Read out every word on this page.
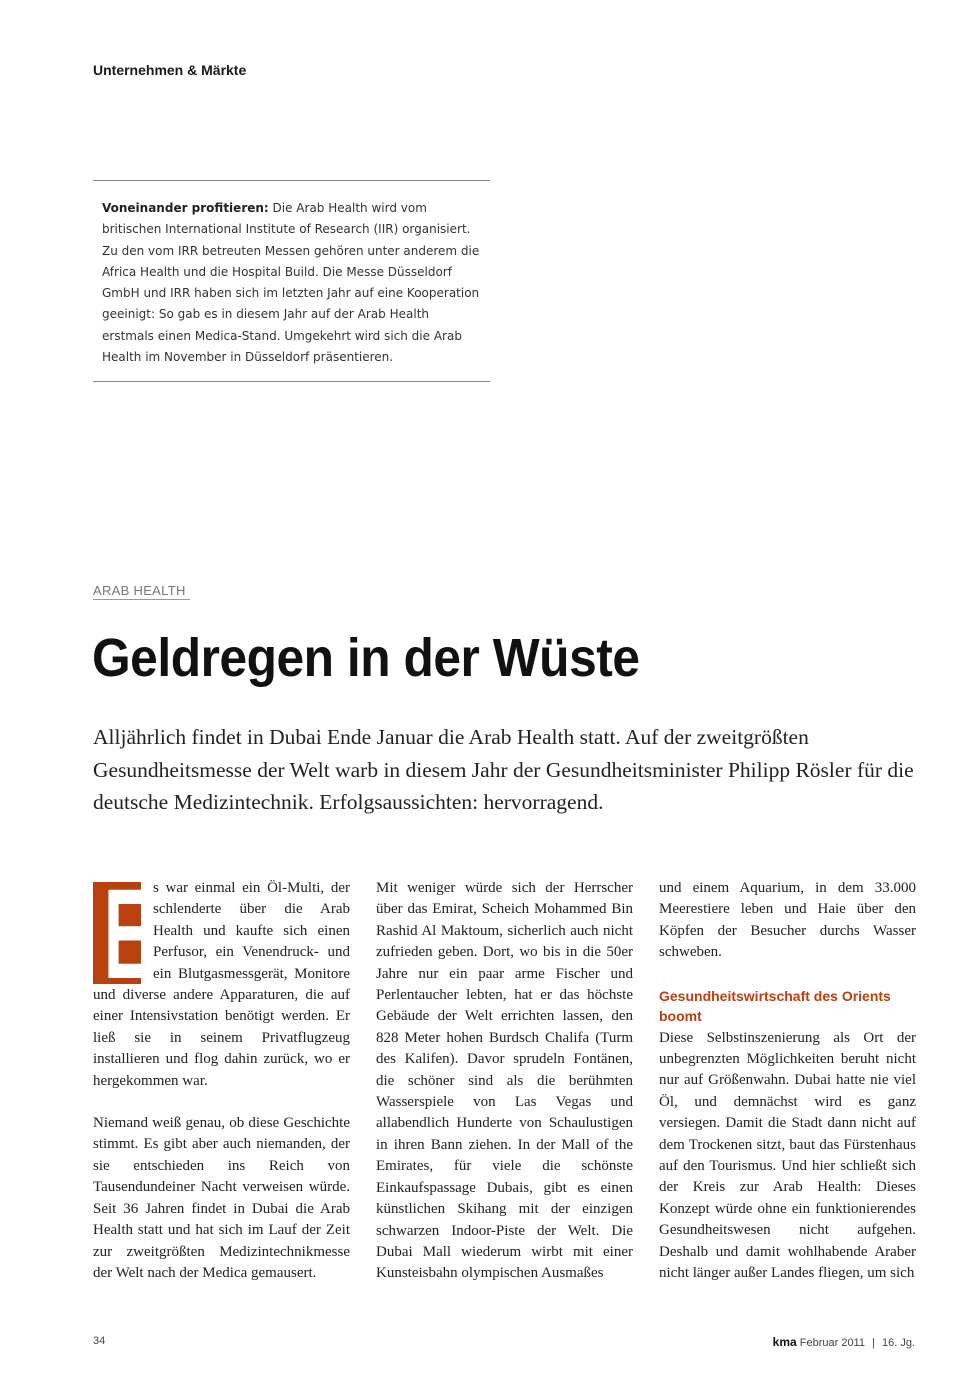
Unternehmen & Märkte
Voneinander profitieren: Die Arab Health wird vom britischen International Institute of Research (IIR) organisiert. Zu den vom IRR betreuten Messen gehören unter anderem die Africa Health und die Hospital Build. Die Messe Düsseldorf GmbH und IRR haben sich im letzten Jahr auf eine Kooperation geeinigt: So gab es in diesem Jahr auf der Arab Health erstmals einen Medica-Stand. Umgekehrt wird sich die Arab Health im November in Düsseldorf präsentieren.
ARAB HEALTH
Geldregen in der Wüste

Alljährlich findet in Dubai Ende Januar die Arab Health statt. Auf der zweitgrößten Gesundheitsmesse der Welt warb in diesem Jahr der Gesundheitsminister Philipp Rösler für die deutsche Medizintechnik. Erfolgsaussichten: hervorragend.

E s war einmal ein Öl-Multi, der schlenderte über die Arab Health und kaufte sich einen Perfusor, ein Venendruck- und ein Blutgasmessgerät, Monitore und diverse andere Apparaturen, die auf einer Intensivstation benötigt werden. Er ließ sie in seinem Privatflugzeug installieren und flog dahin zurück, wo er hergekommen war.

Niemand weiß genau, ob diese Geschichte stimmt. Es gibt aber auch niemanden, der sie entschieden ins Reich von Tausendundeiner Nacht verweisen würde. Seit 36 Jahren findet in Dubai die Arab Health statt und hat sich im Lauf der Zeit zur zweitgrößten Medizintechnikmesse der Welt nach der Medica gemausert.

Mit weniger würde sich der Herrscher über das Emirat, Scheich Mohammed Bin Rashid Al Maktoum, sicherlich auch nicht zufrieden geben. Dort, wo bis in die 50er Jahre nur ein paar arme Fischer und Perlentaucher lebten, hat er das höchste Gebäude der Welt errichten lassen, den 828 Meter hohen Burdsch Chalifa (Turm des Kalifen). Davor sprudeln Fontänen, die schöner sind als die berühmten Wasserspiele von Las Vegas und allabendlich Hunderte von Schaulustigen in ihren Bann ziehen. In der Mall of the Emirates, für viele die schönste Einkaufspassage Dubais, gibt es einen künstlichen Skihang mit der einzigen schwarzen Indoor-Piste der Welt. Die Dubai Mall wiederum wirbt mit einer Kunsteisbahn olympischen Ausmaßes

und einem Aquarium, in dem 33.000 Meerestiere leben und Haie über den Köpfen der Besucher durchs Wasser schweben.

Gesundheitswirtschaft des Orients boomt

Diese Selbstinszenierung als Ort der unbegrenzten Möglichkeiten beruht nicht nur auf Größenwahn. Dubai hatte nie viel Öl, und demnächst wird es ganz versiegen. Damit die Stadt dann nicht auf dem Trockenen sitzt, baut das Fürstenhaus auf den Tourismus. Und hier schließt sich der Kreis zur Arab Health: Dieses Konzept würde ohne ein funktionierendes Gesundheitswesen nicht aufgehen. Deshalb und damit wohlhabende Araber nicht länger außer Landes fliegen, um sich

34	kma Februar 2011 | 16. Jg.
